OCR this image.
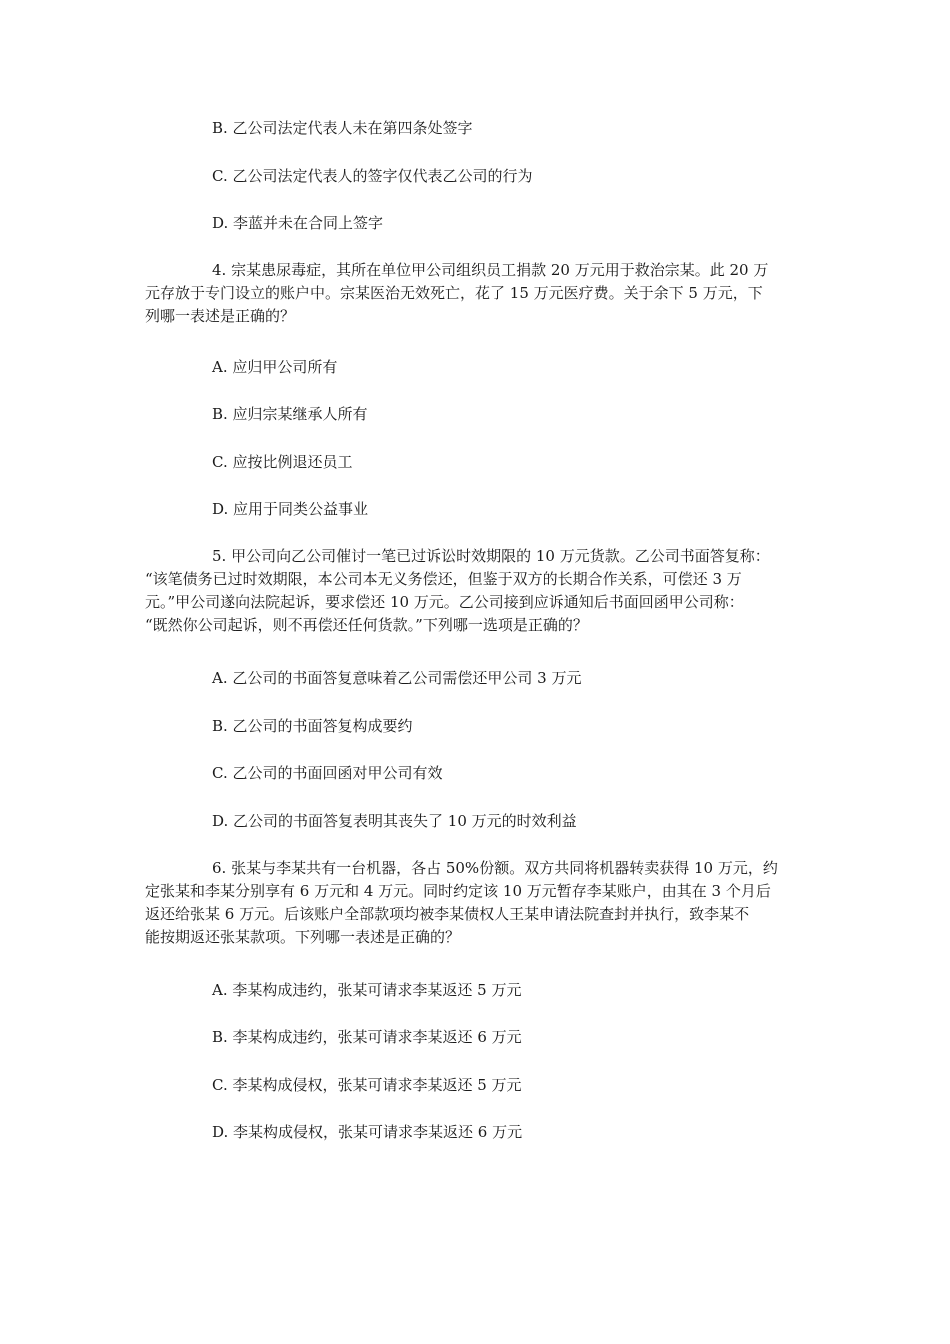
B. 乙公司法定代表人未在第四条处签字
C. 乙公司法定代表人的签字仅代表乙公司的行为
D. 李蓝并未在合同上签字
4. 宗某患尿毒症，其所在单位甲公司组织员工捐款 20 万元用于救治宗某。此 20 万
元存放于专门设立的账户中。宗某医治无效死亡，花了 15 万元医疗费。关于余下 5 万元，下
列哪一表述是正确的？
A. 应归甲公司所有
B. 应归宗某继承人所有
C. 应按比例退还员工
D. 应用于同类公益事业
5. 甲公司向乙公司催讨一笔已过诉讼时效期限的 10 万元货款。乙公司书面答复称：
“该笔债务已过时效期限，本公司本无义务偿还，但鉴于双方的长期合作关系，可偿还 3 万
元。”甲公司遂向法院起诉，要求偿还 10 万元。乙公司接到应诉通知后书面回函甲公司称：
“既然你公司起诉，则不再偿还任何货款。”下列哪一选项是正确的？
A. 乙公司的书面答复意味着乙公司需偿还甲公司 3 万元
B. 乙公司的书面答复构成要约
C. 乙公司的书面回函对甲公司有效
D. 乙公司的书面答复表明其丧失了 10 万元的时效利益
6. 张某与李某共有一台机器，各占 50%份额。双方共同将机器转卖获得 10 万元，约
定张某和李某分别享有 6 万元和 4 万元。同时约定该 10 万元暂存李某账户，由其在 3 个月后
返还给张某 6 万元。后该账户全部款项均被李某债权人王某申请法院查封并执行，致李某不
能按期返还张某款项。下列哪一表述是正确的？
A. 李某构成违约，张某可请求李某返还 5 万元
B. 李某构成违约，张某可请求李某返还 6 万元
C. 李某构成侵权，张某可请求李某返还 5 万元
D. 李某构成侵权，张某可请求李某返还 6 万元
